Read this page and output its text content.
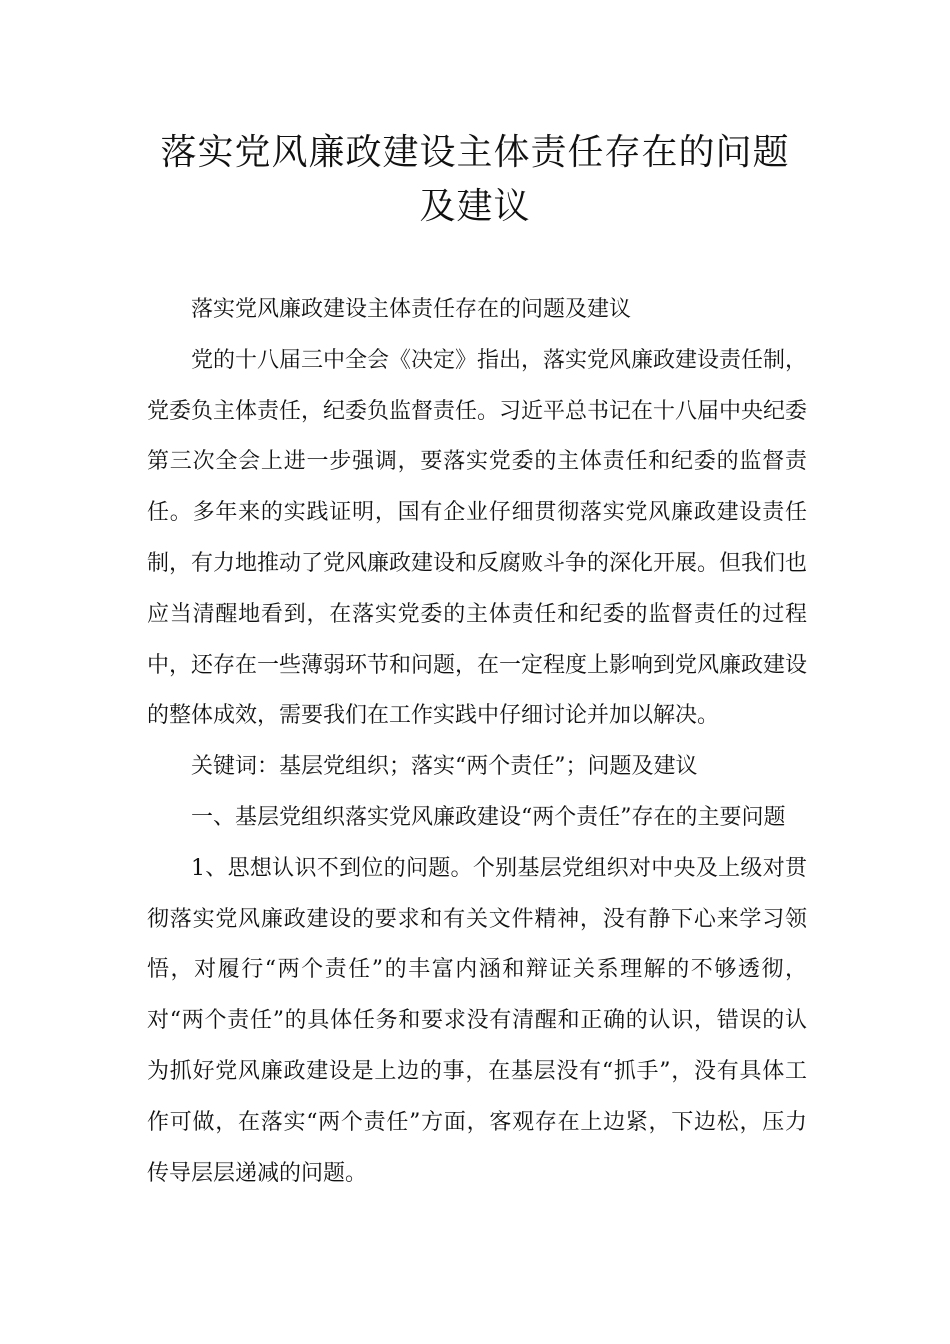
落实党风廉政建设主体责任存在的问题
及建议

落实党风廉政建设主体责任存在的问题及建议

党的十八届三中全会《决定》指出，落实党风廉政建设责任制，党委负主体责任，纪委负监督责任。习近平总书记在十八届中央纪委第三次全会上进一步强调，要落实党委的主体责任和纪委的监督责任。多年来的实践证明，国有企业仔细贯彻落实党风廉政建设责任制，有力地推动了党风廉政建设和反腐败斗争的深化开展。但我们也应当清醒地看到，在落实党委的主体责任和纪委的监督责任的过程中，还存在一些薄弱环节和问题，在一定程度上影响到党风廉政建设的整体成效，需要我们在工作实践中仔细讨论并加以解决。

关键词：基层党组织；落实“两个责任”；问题及建议

一、基层党组织落实党风廉政建设“两个责任”存在的主要问题

1、思想认识不到位的问题。个别基层党组织对中央及上级对贯彻落实党风廉政建设的要求和有关文件精神，没有静下心来学习领悟，对履行“两个责任”的丰富内涵和辩证关系理解的不够透彻，对“两个责任”的具体任务和要求没有清醒和正确的认识，错误的认为抓好党风廉政建设是上边的事，在基层没有“抓手”，没有具体工作可做，在落实“两个责任”方面，客观存在上边紧，下边松，压力传导层层递减的问题。
